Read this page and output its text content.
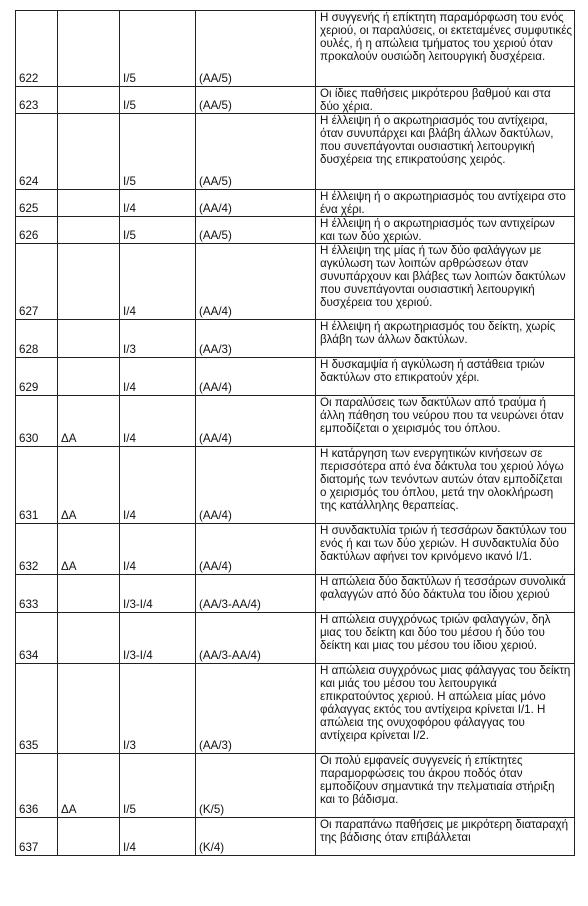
622		I/5	(AA/5)	Η συγγενής ή επίκτητη παραμόρφωση του ενός χεριού, οι παραλύσεις, οι εκτεταμένες συμφυτικές ουλές, ή η απώλεια τμήματος του χεριού όταν προκαλούν ουσιώδη λειτουργική δυσχέρεια.
623		I/5	(AA/5)	Οι ίδιες παθήσεις μικρότερου βαθμού και στα δύο χέρια.
624		I/5	(AA/5)	Η έλλειψη ή ο ακρωτηριασμός του αντίχειρα, όταν συνυπάρχει και βλάβη άλλων δακτύλων, που συνεπάγονται ουσιαστική λειτουργική δυσχέρεια της επικρατούσης χειρός.
625		I/4	(AA/4)	Η έλλειψη ή ο ακρωτηριασμός του αντίχειρα στο ένα χέρι.
626		I/5	(AA/5)	Η έλλειψη ή ο ακρωτηριασμός των αντιχείρων και των δύο χεριών.
627		I/4	(AA/4)	Η έλλειψη της μίας ή των δύο φαλάγγων με αγκύλωση των λοιπών αρθρώσεων όταν συνυπάρχουν και βλάβες των λοιπών δακτύλων που συνεπάγονται ουσιαστική λειτουργική δυσχέρεια του χεριού.
628		I/3	(AA/3)	Η έλλειψη ή ακρωτηριασμός του δείκτη, χωρίς βλάβη των άλλων δακτύλων.
629		I/4	(AA/4)	Η δυσκαμψία ή αγκύλωση ή αστάθεια τριών δακτύλων στο επικρατούν χέρι.
630	ΔΑ	I/4	(AA/4)	Οι παραλύσεις των δακτύλων από τραύμα ή άλλη πάθηση του νεύρου που τα νευρώνει όταν εμποδίζεται ο χειρισμός του όπλου.
631	ΔΑ	I/4	(AA/4)	Η κατάργηση των ενεργητικών κινήσεων σε περισσότερα από ένα δάκτυλα του χεριού λόγω διατομής των τενόντων αυτών όταν εμποδίζεται ο χειρισμός του όπλου, μετά την ολοκλήρωση της κατάλληλης θεραπείας.
632	ΔΑ	I/4	(AA/4)	Η συνδακτυλία τριών ή τεσσάρων δακτύλων του ενός ή και των δύο χεριών. Η συνδακτυλία δύο δακτύλων αφήνει τον κρινόμενο ικανό I/1.
633		I/3-I/4	(AA/3-AA/4)	Η απώλεια δύο δακτύλων ή τεσσάρων συνολικά φαλαγγών από δύο δάκτυλα του ίδιου χεριού
634		I/3-I/4	(AA/3-AA/4)	Η απώλεια συγχρόνως τριών φαλαγγών, δηλ μιας του δείκτη και δύο του μέσου ή δύο του δείκτη και μιας του μέσου του ίδιου χεριού.
635		I/3	(AA/3)	Η απώλεια συγχρόνως μιας φάλαγγας του δείκτη και μιάς του μέσου του λειτουργικά επικρατούντος χεριού. Η απώλεια μίας μόνο φάλαγγας εκτός του αντίχειρα κρίνεται I/1. Η απώλεια της ονυχοφόρου φάλαγγας του αντίχειρα κρίνεται I/2.
636	ΔΑ	I/5	(K/5)	Οι πολύ εμφανείς συγγενείς ή επίκτητες παραμορφώσεις του άκρου ποδός όταν εμποδίζουν σημαντικά την πελματιαία στήριξη και το βάδισμα.
637		I/4	(K/4)	Οι παραπάνω παθήσεις με μικρότερη διαταραχή της βάδισης όταν επιβάλλεται
